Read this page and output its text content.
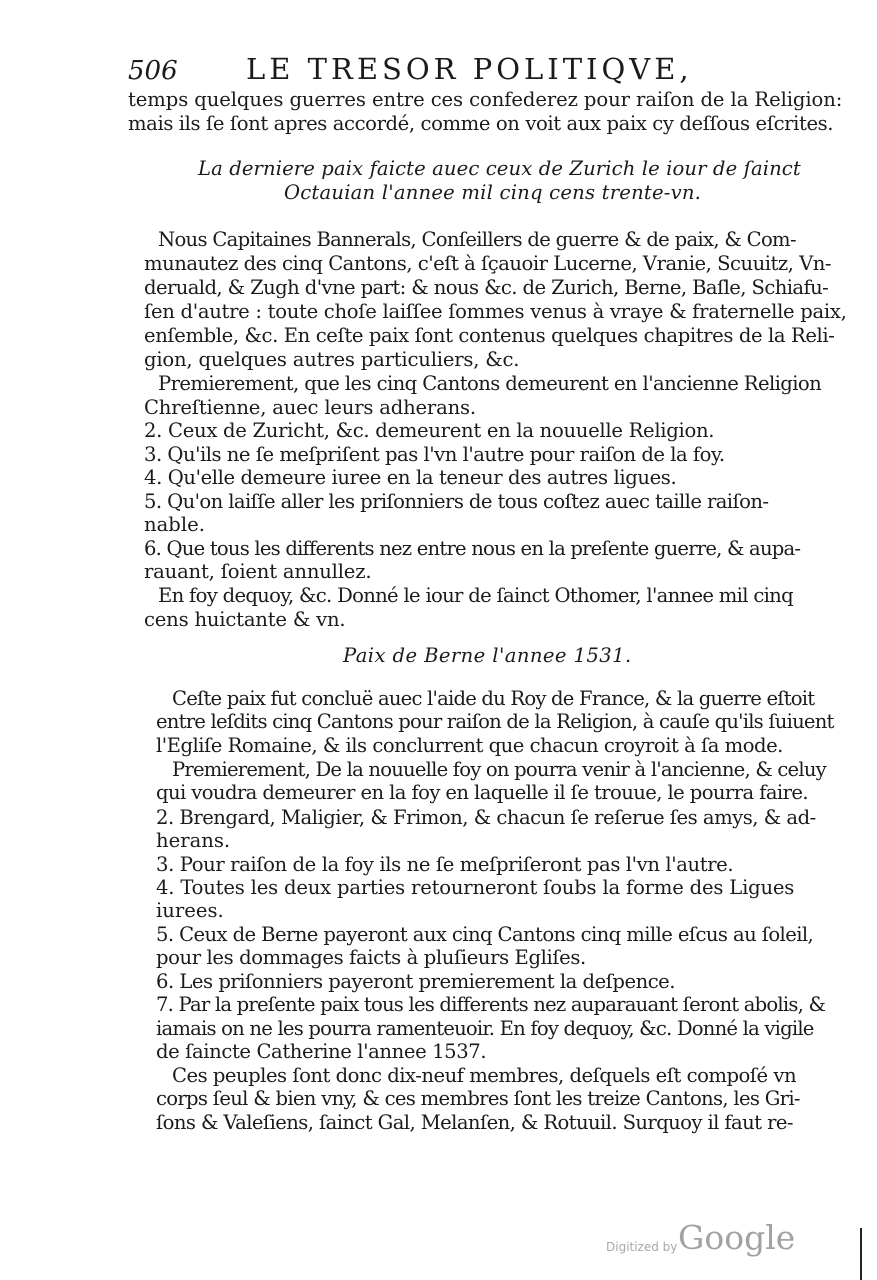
506 LE TRESOR POLITIQVE,
temps quelques guerres entre ces confederez pour raiſon de la Religion:
mais ils ſe ſont apres accordé, comme on voit aux paix cy deſſous eſcrites.
La derniere paix faicte auec ceux de Zurich le iour de ſainct
Octauian l'annee mil cinq cens trente-vn.
Nous Capitaines Bannerals, Conſeillers de guerre & de paix, & Com-
munautez des cinq Cantons, c'eſt à ſçauoir Lucerne, Vranie, Scuuitz, Vn-
deruald, & Zugh d'vne part: & nous &c. de Zurich, Berne, Baſle, Schiafu-
ſen d'autre : toute choſe laiſſee ſommes venus à vraye & fraternelle paix,
enſemble, &c. En ceſte paix ſont contenus quelques chapitres de la Reli-
gion, quelques autres particuliers, &c.
Premierement, que les cinq Cantons demeurent en l'ancienne Religion
Chreſtienne, auec leurs adherans.
2. Ceux de Zuricht, &c. demeurent en la nouuelle Religion.
3. Qu'ils ne ſe meſpriſent pas l'vn l'autre pour raiſon de la foy.
4. Qu'elle demeure iuree en la teneur des autres ligues.
5. Qu'on laiſſe aller les priſonniers de tous coſtez auec taille raiſon-
nable.
6. Que tous les differents nez entre nous en la preſente guerre, & aupa-
rauant, ſoient annullez.
En foy dequoy, &c. Donné le iour de ſainct Othomer, l'annee mil cinq
cens huictante & vn.
Paix de Berne l'annee 1531.
Ceſte paix fut concluë auec l'aide du Roy de France, & la guerre eſtoit
entre leſdits cinq Cantons pour raiſon de la Religion, à cauſe qu'ils ſuiuent
l'Egliſe Romaine, & ils conclurrent que chacun croyroit à ſa mode.
Premierement, De la nouuelle foy on pourra venir à l'ancienne, & celuy
qui voudra demeurer en la foy en laquelle il ſe trouue, le pourra faire.
2. Brengard, Maligier, & Frimon, & chacun ſe reſerue ſes amys, & ad-
herans.
3. Pour raiſon de la foy ils ne ſe meſpriſeront pas l'vn l'autre.
4. Toutes les deux parties retourneront ſoubs la forme des Ligues
iurees.
5. Ceux de Berne payeront aux cinq Cantons cinq mille eſcus au ſoleil,
pour les dommages faicts à pluſieurs Egliſes.
6. Les priſonniers payeront premierement la deſpence.
7. Par la preſente paix tous les differents nez auparauant ſeront abolis, &
iamais on ne les pourra ramenteuoir. En foy dequoy, &c. Donné la vigile
de ſaincte Catherine l'annee 1537.
Ces peuples ſont donc dix-neuf membres, deſquels eſt compoſé vn
corps ſeul & bien vny, & ces membres ſont les treize Cantons, les Gri-
ſons & Valeſiens, ſainct Gal, Melanſen, & Rotuuil. Surquoy il faut re-
Digitized by Google
